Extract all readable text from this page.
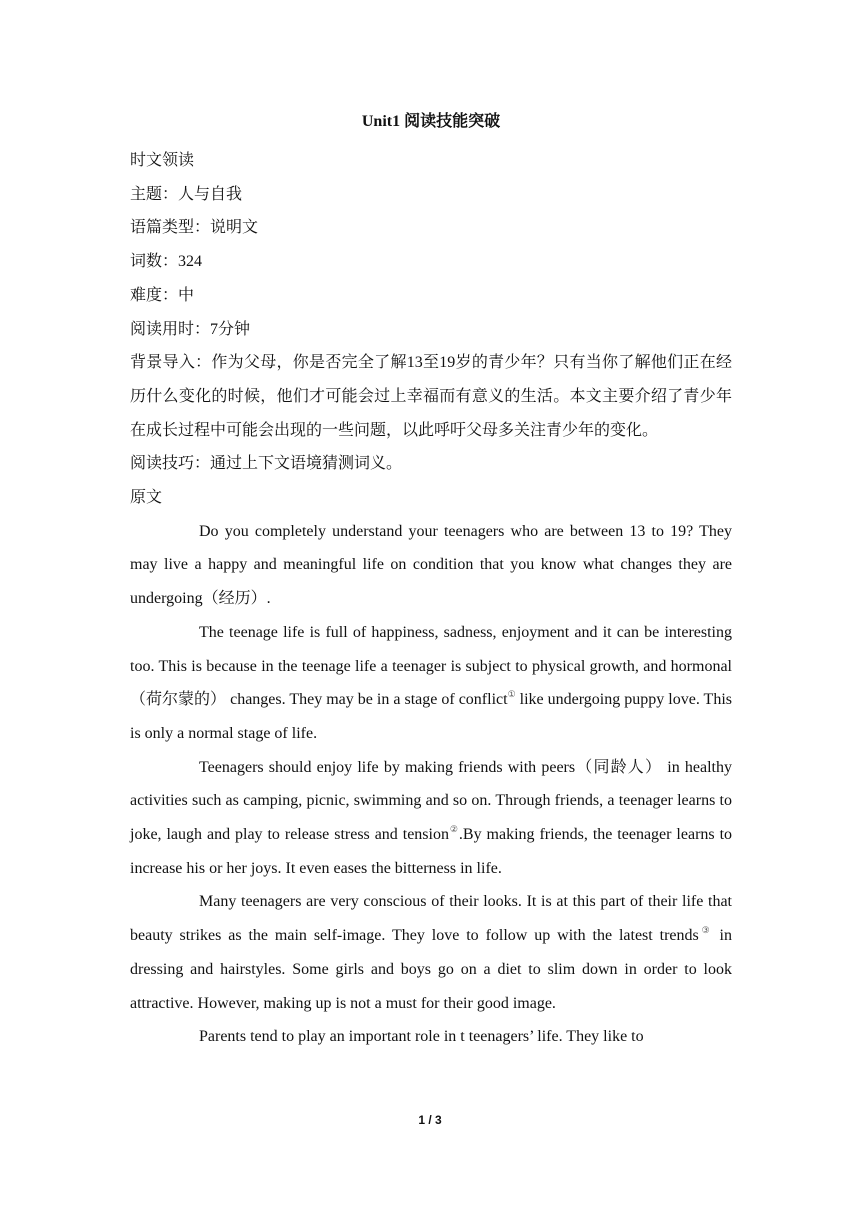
Unit1 阅读技能突破

时文领读

主题：人与自我

语篇类型：说明文

词数：324

难度：中

阅读用时：7分钟

背景导入：作为父母，你是否完全了解13至19岁的青少年？只有当你了解他们正在经历什么变化的时候，他们才可能会过上幸福而有意义的生活。本文主要介绍了青少年在成长过程中可能会出现的一些问题，以此呼吁父母多关注青少年的变化。

阅读技巧：通过上下文语境猜测词义。

原文

Do you completely understand your teenagers who are between 13 to 19? They may live a happy and meaningful life on condition that you know what changes they are undergoing（经历）.

The teenage life is full of happiness, sadness, enjoyment and it can be interesting too. This is because in the teenage life a teenager is subject to physical growth, and hormonal（荷尔蒙的） changes. They may be in a stage of conflict① like undergoing puppy love. This is only a normal stage of life.

Teenagers should enjoy life by making friends with peers（同龄人） in healthy activities such as camping, picnic, swimming and so on. Through friends, a teenager learns to joke, laugh and play to release stress and tension②.By making friends, the teenager learns to increase his or her joys. It even eases the bitterness in life.

Many teenagers are very conscious of their looks. It is at this part of their life that beauty strikes as the main self-image. They love to follow up with the latest trends③ in dressing and hairstyles. Some girls and boys go on a diet to slim down in order to look attractive. However, making up is not a must for their good image.

Parents tend to play an important role in t teenagers’ life. They like to

1 / 3
